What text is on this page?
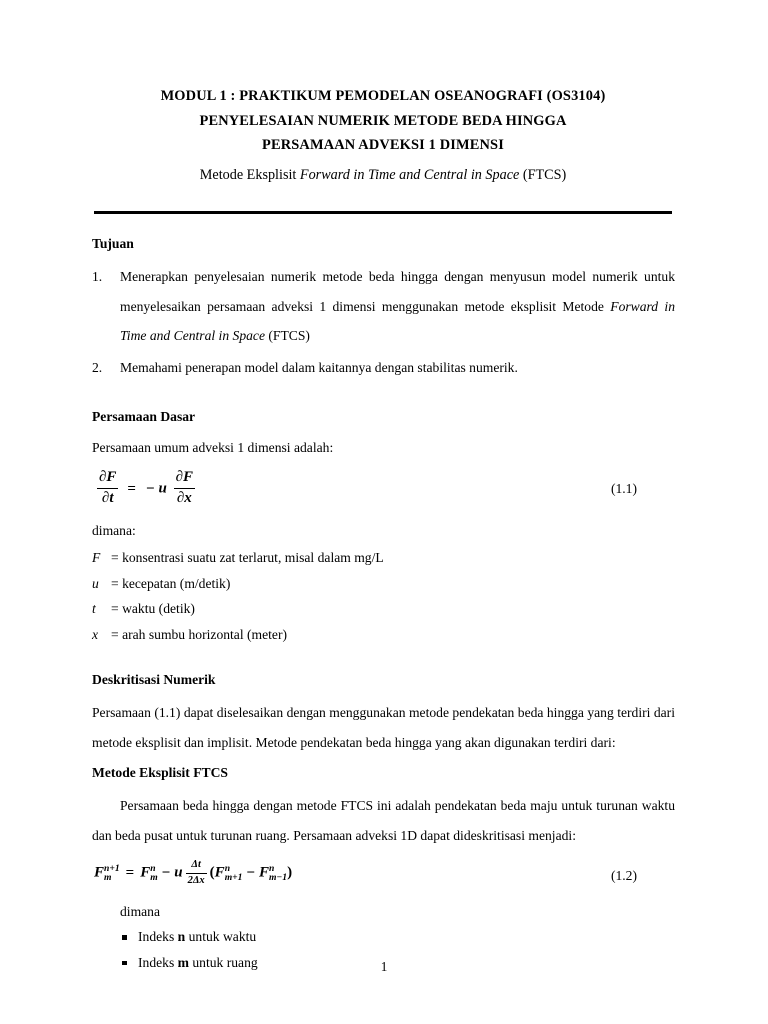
MODUL 1 : PRAKTIKUM PEMODELAN OSEANOGRAFI (OS3104)
PENYELESAIAN NUMERIK METODE BEDA HINGGA
PERSAMAAN ADVEKSI 1 DIMENSI
Metode Eksplisit Forward in Time and Central in Space (FTCS)
Tujuan
1.	Menerapkan penyelesaian numerik metode beda hingga dengan menyusun model numerik untuk menyelesaikan persamaan adveksi 1 dimensi menggunakan metode eksplisit Metode Forward in Time and Central in Space (FTCS)
2.	Memahami penerapan model dalam kaitannya dengan stabilitas numerik.
Persamaan Dasar

Persamaan umum adveksi 1 dimensi adalah:

$\frac{\partial F}{\partial t}$ = − u $\frac{\partial F}{\partial x}$	(1.1)

dimana:

F = konsentrasi suatu zat terlarut, misal dalam mg/L
u = kecepatan (m/detik)
t = waktu (detik)
x = arah sumbu horizontal (meter)
Deskritisasi Numerik

Persamaan (1.1) dapat diselesaikan dengan menggunakan metode pendekatan beda hingga yang terdiri dari metode eksplisit dan implisit. Metode pendekatan beda hingga yang akan digunakan terdiri dari:

Metode Eksplisit FTCS

Persamaan beda hingga dengan metode FTCS ini adalah pendekatan beda maju untuk turunan waktu dan beda pusat untuk turunan ruang. Persamaan adveksi 1D dapat dideskritisasi menjadi:

F n+1
m = F n
m − u $\frac{\Delta t}{2\Delta x} (F$ n
m+1 − F n
m−1 )	(1.2)

dimana

Indeks n untuk waktu
Indeks m untuk ruang	1
